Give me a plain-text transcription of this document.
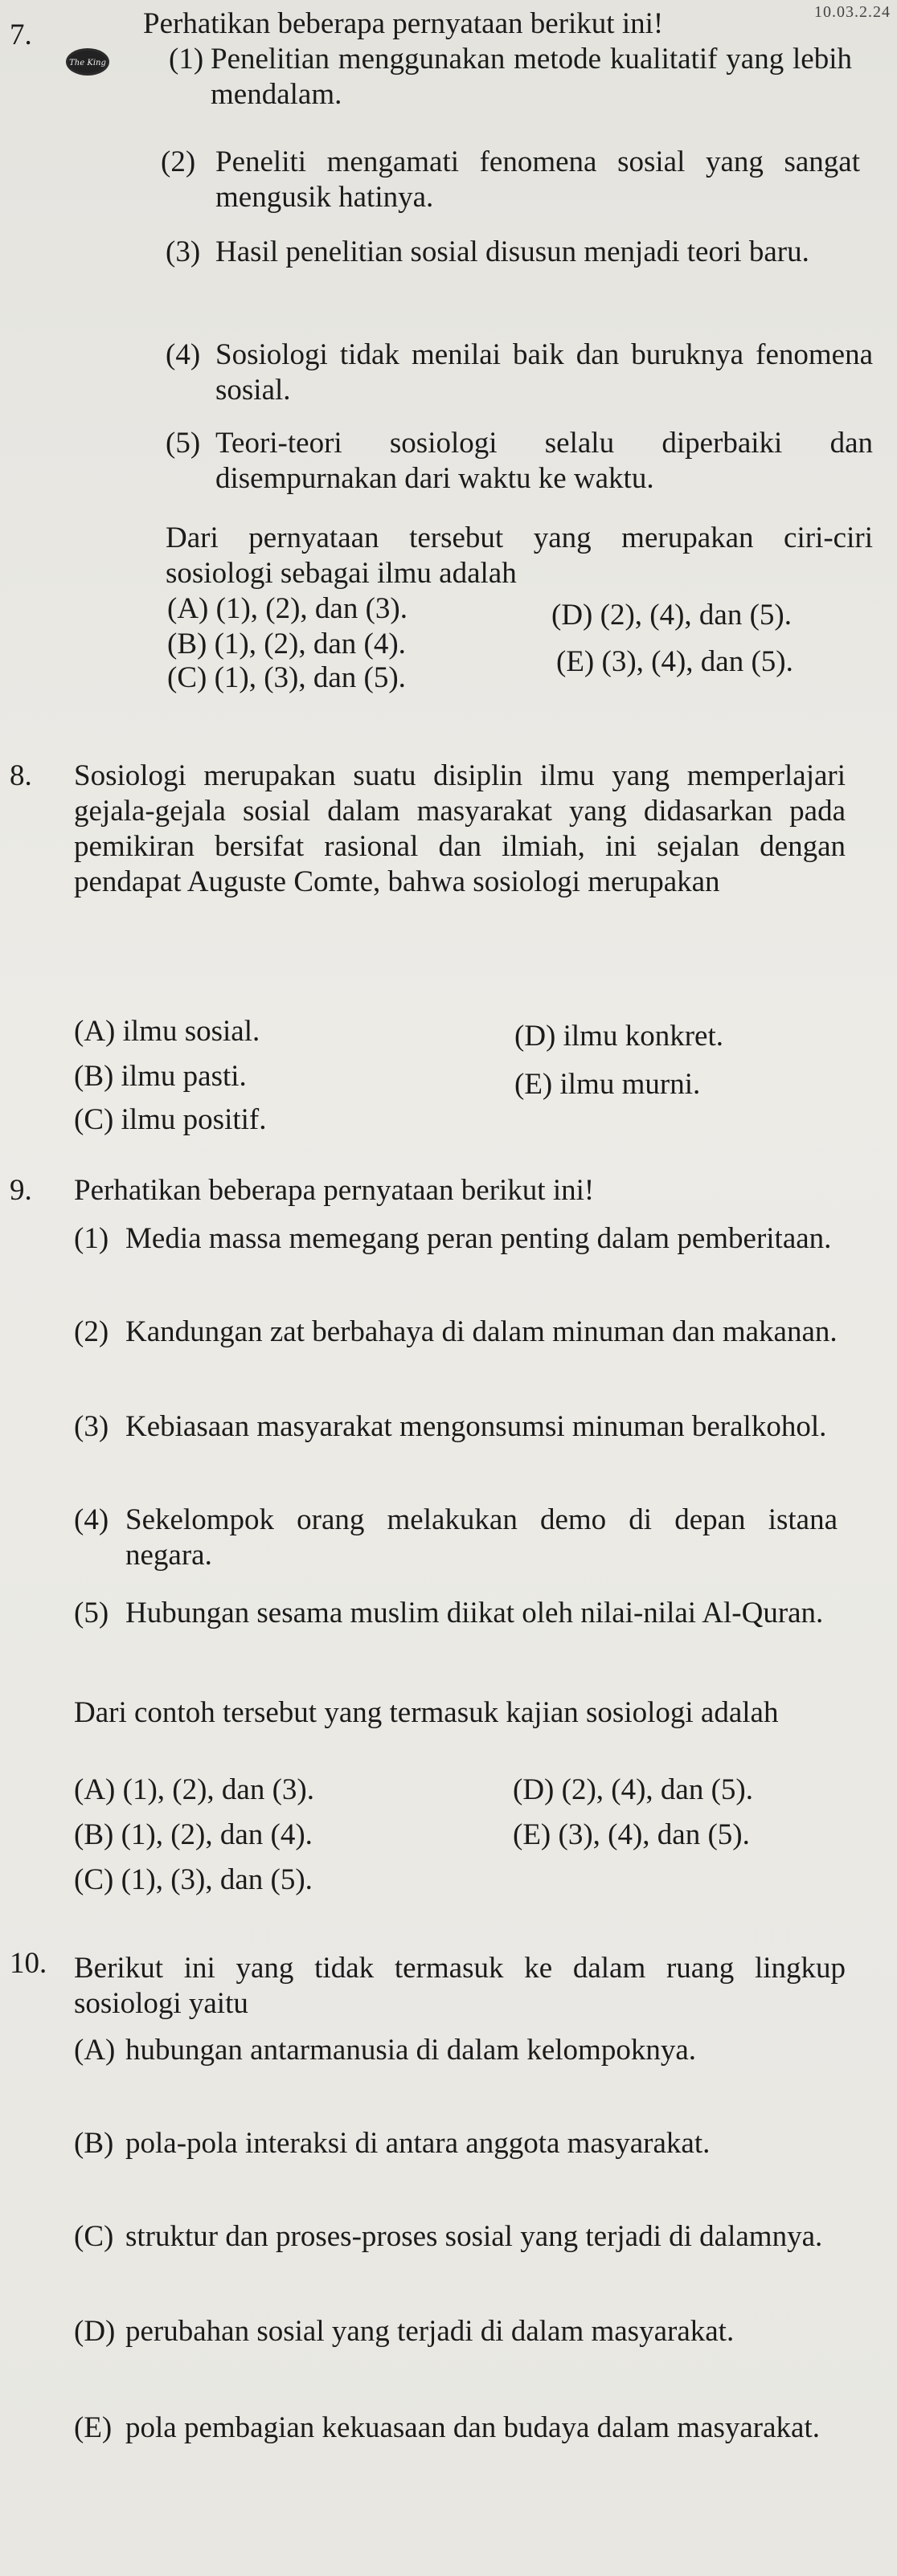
10.03.2.24
The King
7.	Perhatikan beberapa pernyataan berikut ini!
(1) Penelitian menggunakan metode kualitatif yang lebih mendalam.
(2) Peneliti mengamati fenomena sosial yang sangat mengusik hatinya.
(3) Hasil penelitian sosial disusun menjadi teori baru.
(4) Sosiologi tidak menilai baik dan buruknya fenomena sosial.
(5) Teori-teori sosiologi selalu diperbaiki dan disempurnakan dari waktu ke waktu.
Dari pernyataan tersebut yang merupakan ciri-ciri sosiologi sebagai ilmu adalah
(A) (1), (2), dan (3).
(B) (1), (2), dan (4).
(C) (1), (3), dan (5).
(D) (2), (4), dan (5).
(E) (3), (4), dan (5).
8. Sosiologi merupakan suatu disiplin ilmu yang memperlajari gejala-gejala sosial dalam masyarakat yang didasarkan pada pemikiran bersifat rasional dan ilmiah, ini sejalan dengan pendapat Auguste Comte, bahwa sosiologi merupakan
(A) ilmu sosial.
(B) ilmu pasti.
(C) ilmu positif.
(D) ilmu konkret.
(E) ilmu murni.
9. Perhatikan beberapa pernyataan berikut ini!
(1) Media massa memegang peran penting dalam pemberitaan.
(2) Kandungan zat berbahaya di dalam minuman dan makanan.
(3) Kebiasaan masyarakat mengonsumsi minuman beralkohol.
(4) Sekelompok orang melakukan demo di depan istana negara.
(5) Hubungan sesama muslim diikat oleh nilai-nilai Al-Quran.
Dari contoh tersebut yang termasuk kajian sosiologi adalah
(A) (1), (2), dan (3).
(B) (1), (2), dan (4).
(C) (1), (3), dan (5).
(D) (2), (4), dan (5).
(E) (3), (4), dan (5).
10. Berikut ini yang tidak termasuk ke dalam ruang lingkup sosiologi yaitu
(A) hubungan antarmanusia di dalam kelompoknya.
(B) pola-pola interaksi di antara anggota masyarakat.
(C) struktur dan proses-proses sosial yang terjadi di dalamnya.
(D) perubahan sosial yang terjadi di dalam masyarakat.
(E) pola pembagian kekuasaan dan budaya dalam masyarakat.
